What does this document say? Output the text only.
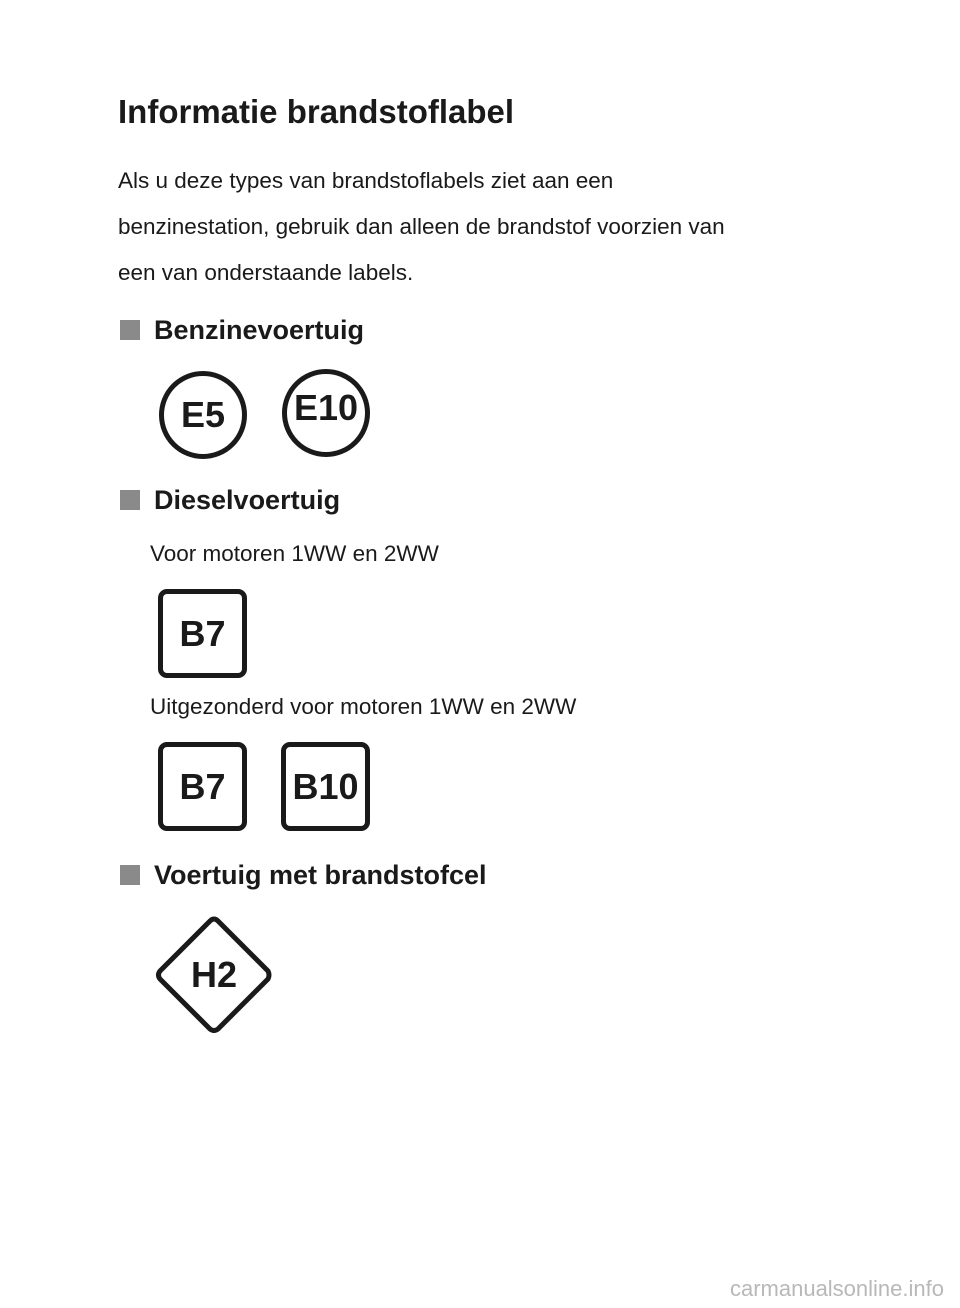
Informatie brandstoflabel

Als u deze types van brandstoflabels ziet aan een
benzinestation, gebruik dan alleen de brandstof voorzien van
een van onderstaande labels.

Benzinevoertuig
E5 E10
Dieselvoertuig

Voor motoren 1WW en 2WW

B7

Uitgezonderd voor motoren 1WW en 2WW

B7 B10
Voertuig met brandstofcel
H2

carmanualsonline.info
